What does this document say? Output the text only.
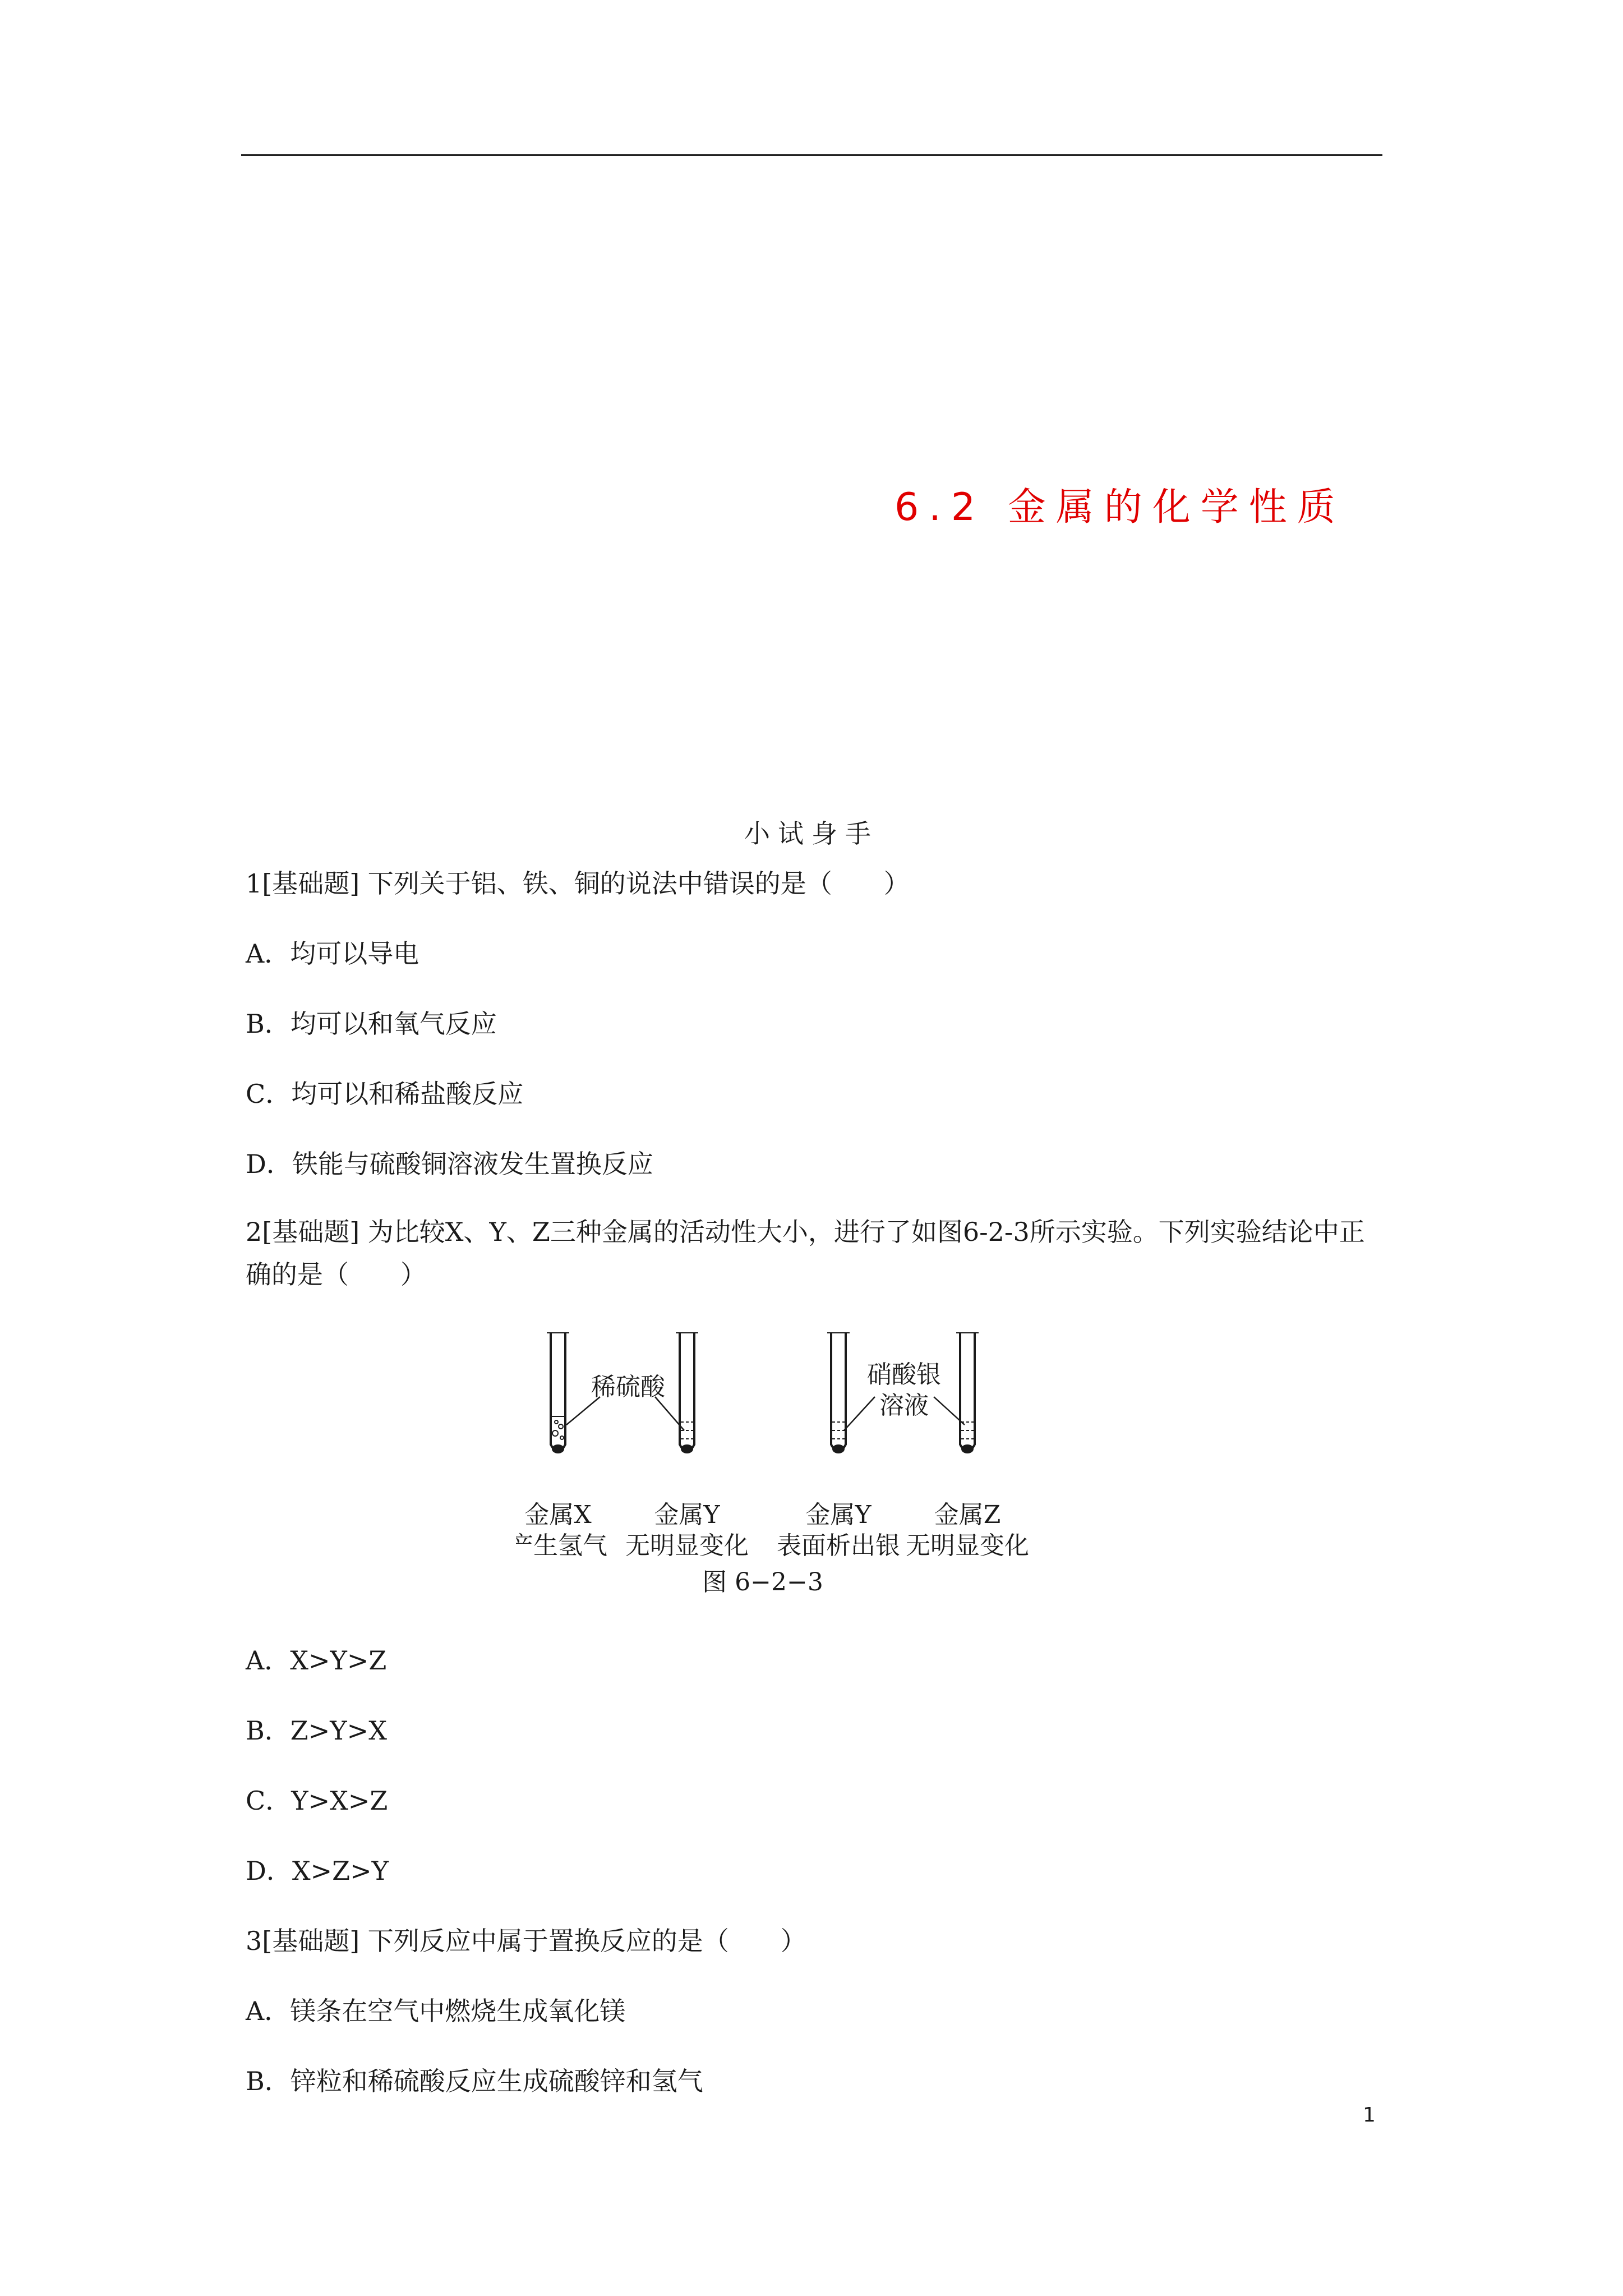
6.2 金属的化学性质
小试身手
1[基础题] 下列关于铝、铁、铜的说法中错误的是（　　）
A．均可以导电
B．均可以和氧气反应
C．均可以和稀盐酸反应
D．铁能与硫酸铜溶液发生置换反应
2[基础题] 为比较X、Y、Z三种金属的活动性大小，进行了如图6-2-3所示实验。下列实验结论中正确的是（　　）
稀硫酸	硝酸银
溶液
金属X
产生氢气
金属Y
无明显变化
金属Y
表面析出银
金属Z
无明显变化
图 6−2−3
A．X>Y>Z
B．Z>Y>X
C．Y>X>Z
D．X>Z>Y
3[基础题] 下列反应中属于置换反应的是（　　）
A．镁条在空气中燃烧生成氧化镁
B．锌粒和稀硫酸反应生成硫酸锌和氢气
1
